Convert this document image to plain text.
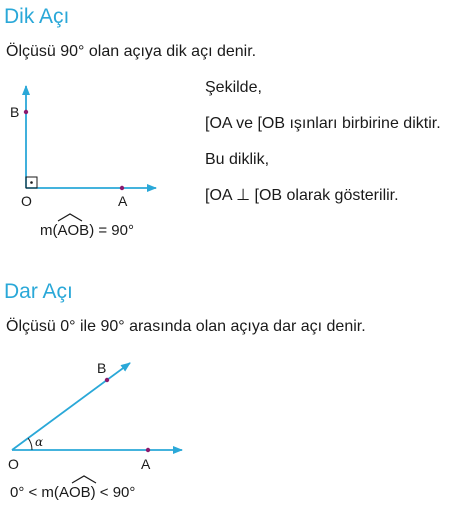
Dik Açı
Ölçüsü 90° olan açıya dik açı denir.
Şekilde,
[OA ve [OB ışınları birbirine diktir.
Bu diklik,
[OA ⊥ [OB olarak gösterilir.
B
O	A
m(AOB) = 90°
B
O	A
α
0° < m(AOB) < 90°
Dar Açı
Ölçüsü 0° ile 90° arasında olan açıya dar açı denir.
